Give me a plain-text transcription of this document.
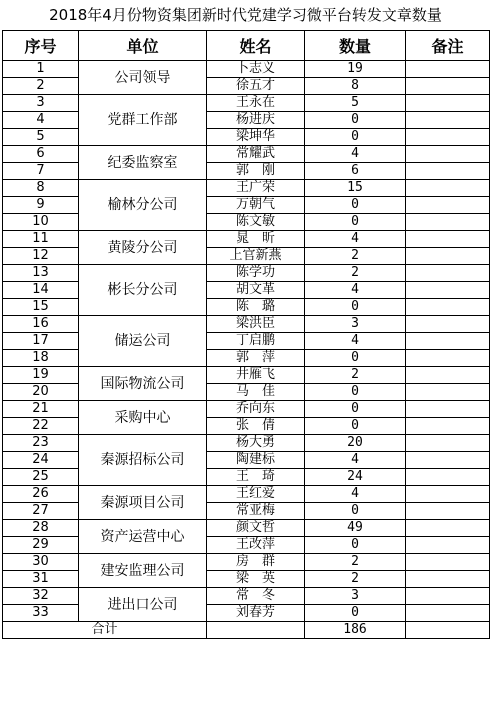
2018年4月份物资集团新时代党建学习微平台转发文章数量
序号	单位	姓名	数量	备注
1	公司领导	卜志义	19	
2		徐五才	8	
3	党群工作部	王永在	5	
4		杨进庆	0	
5		梁坤华	0	
6	纪委监察室	常耀武	4	
7		郭　刚	6	
8	榆林分公司	王广荣	15	
9		万朝气	0	
10		陈文敏	0	
11	黄陵分公司	晁　昕	4	
12		上官新燕	2	
13	彬长分公司	陈学功	2	
14		胡文革	4	
15		陈　璐	0	
16	储运公司	梁洪臣	3	
17		丁启鹏	4	
18		郭　萍	0	
19	国际物流公司	井雁飞	2	
20		马　佳	0	
21	采购中心	乔向东	0	
22		张　倩	0	
23	秦源招标公司	杨大勇	20	
24		陶建标	4	
25		王　琦	24	
26	秦源项目公司	王红爱	4	
27		常亚梅	0	
28	资产运营中心	颜文哲	49	
29		王改萍	0	
30	建安监理公司	房　群	2	
31		梁　英	2	
32	进出口公司	常　冬	3	
33		刘春芳	0	
合计			186	
